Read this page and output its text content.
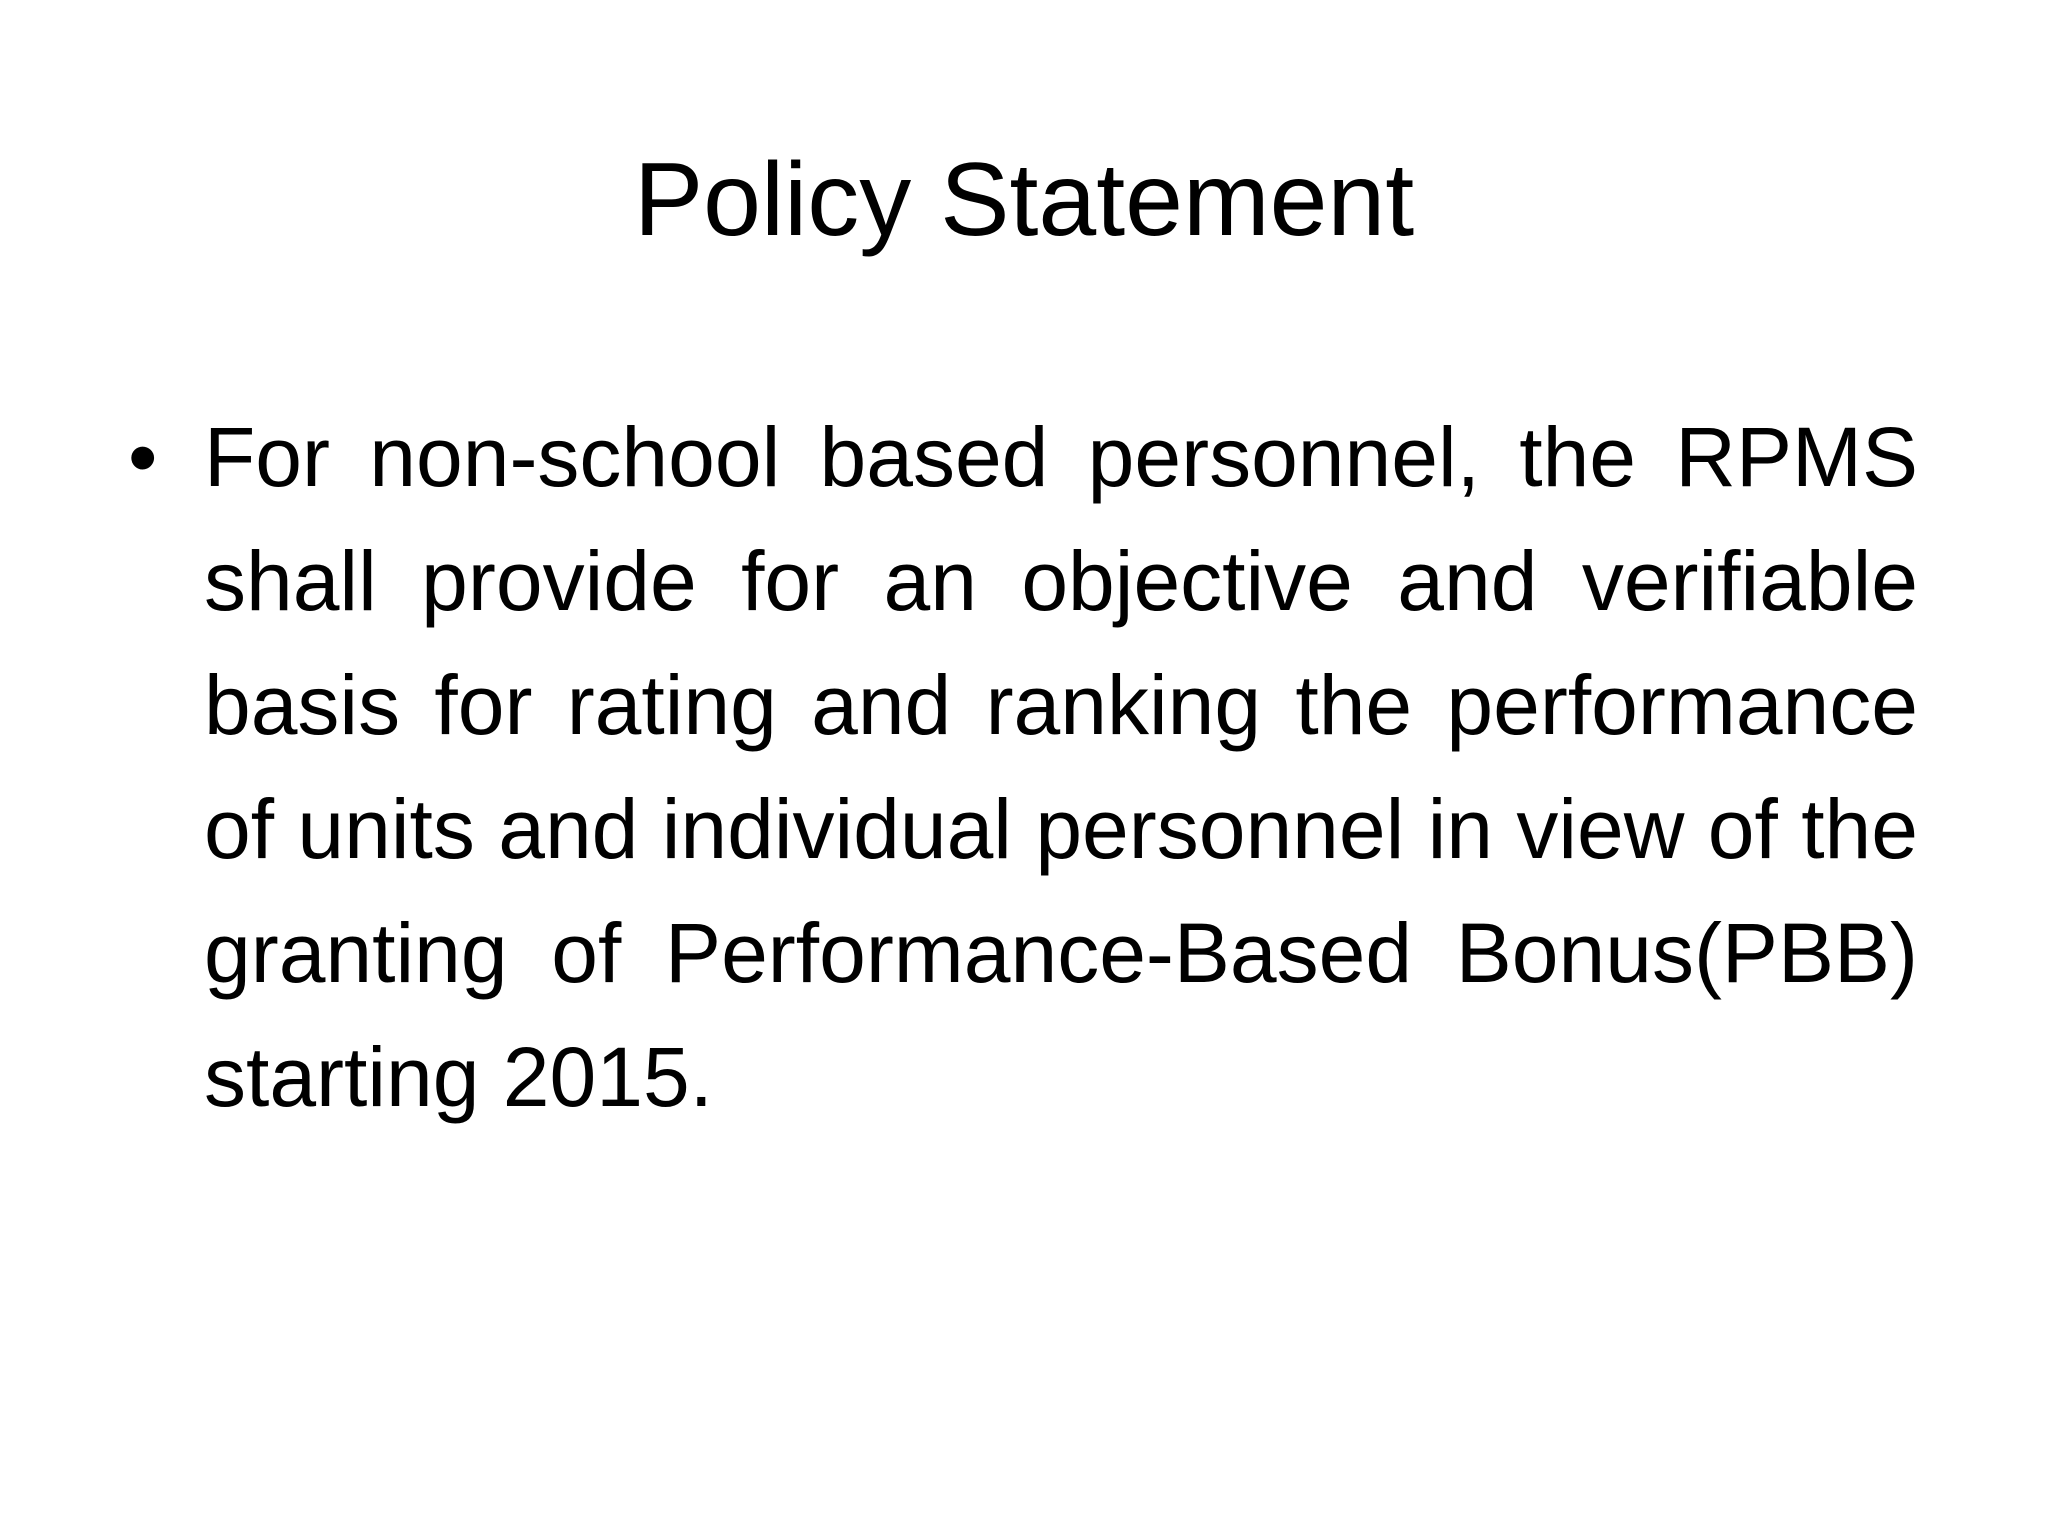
Policy Statement
• For non-school based personnel, the RPMS shall provide for an objective and verifiable basis for rating and ranking the performance of units and individual personnel in view of the granting of Performance-Based Bonus(PBB) starting 2015.
